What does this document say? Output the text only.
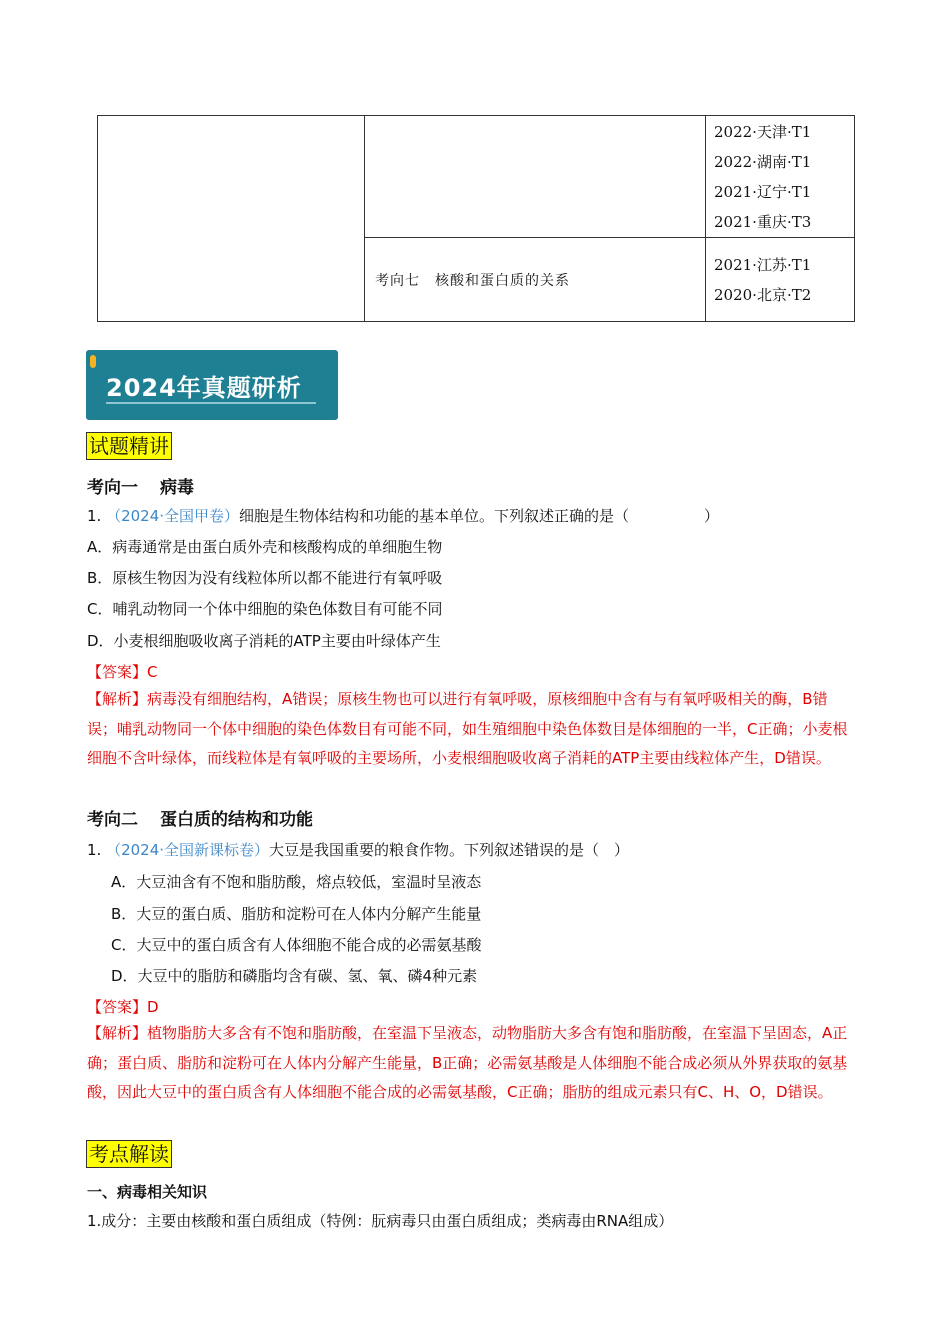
		2022·天津·T1
2022·湖南·T1
2021·辽宁·T1
2021·重庆·T3

	考向七　核酸和蛋白质的关系	2021·江苏·T1
2020·北京·T2
2024年真题研析
试题精讲
考向一 病毒
1. （2024·全国甲卷）细胞是生物体结构和功能的基本单位。下列叙述正确的是（　　　　　）
A．病毒通常是由蛋白质外壳和核酸构成的单细胞生物
B．原核生物因为没有线粒体所以都不能进行有氧呼吸
C．哺乳动物同一个体中细胞的染色体数目有可能不同
D．小麦根细胞吸收离子消耗的ATP主要由叶绿体产生
【答案】C
【解析】病毒没有细胞结构，A错误；原核生物也可以进行有氧呼吸，原核细胞中含有与有氧呼吸相关的酶，B错误；哺乳动物同一个体中细胞的染色体数目有可能不同，如生殖细胞中染色体数目是体细胞的一半，C正确；小麦根细胞不含叶绿体，而线粒体是有氧呼吸的主要场所，小麦根细胞吸收离子消耗的ATP主要由线粒体产生，D错误。
考向二 蛋白质的结构和功能
1. （2024·全国新课标卷）大豆是我国重要的粮食作物。下列叙述错误的是（　）
A．大豆油含有不饱和脂肪酸，熔点较低，室温时呈液态
B．大豆的蛋白质、脂肪和淀粉可在人体内分解产生能量
C．大豆中的蛋白质含有人体细胞不能合成的必需氨基酸
D．大豆中的脂肪和磷脂均含有碳、氢、氧、磷4种元素
【答案】D
【解析】植物脂肪大多含有不饱和脂肪酸，在室温下呈液态，动物脂肪大多含有饱和脂肪酸，在室温下呈固态，A正确；蛋白质、脂肪和淀粉可在人体内分解产生能量，B正确；必需氨基酸是人体细胞不能合成必须从外界获取的氨基酸，因此大豆中的蛋白质含有人体细胞不能合成的必需氨基酸，C正确；脂肪的组成元素只有C、H、O，D错误。
考点解读
一、病毒相关知识
1.成分：主要由核酸和蛋白质组成（特例：朊病毒只由蛋白质组成；类病毒由RNA组成）
